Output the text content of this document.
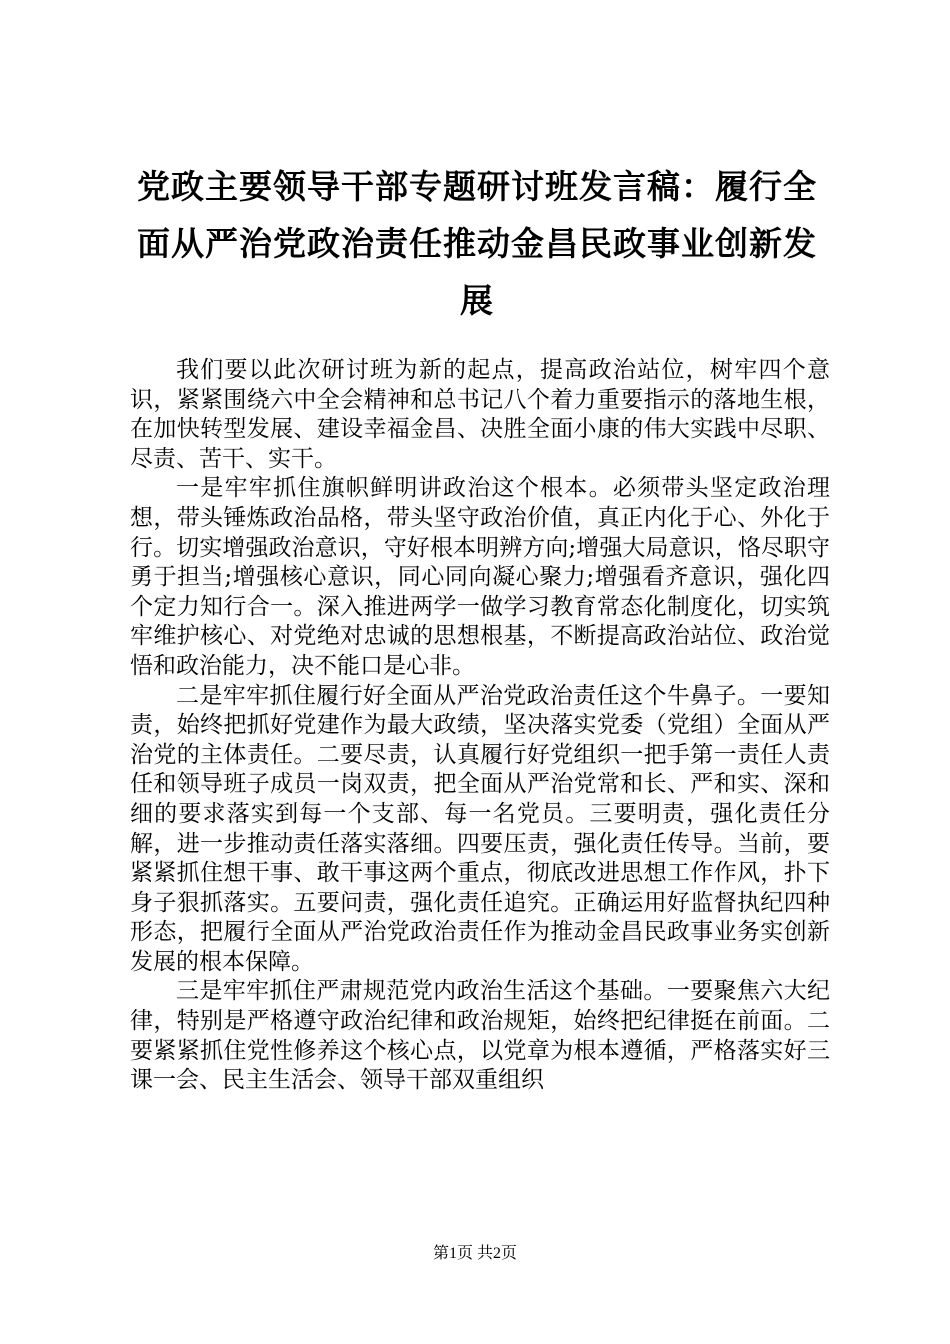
党政主要领导干部专题研讨班发言稿：履行全面从严治党政治责任推动金昌民政事业创新发展

我们要以此次研讨班为新的起点，提高政治站位，树牢四个意识，紧紧围绕六中全会精神和总书记八个着力重要指示的落地生根，在加快转型发展、建设幸福金昌、决胜全面小康的伟大实践中尽职、尽责、苦干、实干。

一是牢牢抓住旗帜鲜明讲政治这个根本。必须带头坚定政治理想，带头锤炼政治品格，带头坚守政治价值，真正内化于心、外化于行。切实增强政治意识，守好根本明辨方向;增强大局意识，恪尽职守勇于担当;增强核心意识，同心同向凝心聚力;增强看齐意识，强化四个定力知行合一。深入推进两学一做学习教育常态化制度化，切实筑牢维护核心、对党绝对忠诚的思想根基，不断提高政治站位、政治觉悟和政治能力，决不能口是心非。

二是牢牢抓住履行好全面从严治党政治责任这个牛鼻子。一要知责，始终把抓好党建作为最大政绩，坚决落实党委（党组）全面从严治党的主体责任。二要尽责，认真履行好党组织一把手第一责任人责任和领导班子成员一岗双责，把全面从严治党常和长、严和实、深和细的要求落实到每一个支部、每一名党员。三要明责，强化责任分解，进一步推动责任落实落细。四要压责，强化责任传导。当前，要紧紧抓住想干事、敢干事这两个重点，彻底改进思想工作作风，扑下身子狠抓落实。五要问责，强化责任追究。正确运用好监督执纪四种形态，把履行全面从严治党政治责任作为推动金昌民政事业务实创新发展的根本保障。

三是牢牢抓住严肃规范党内政治生活这个基础。一要聚焦六大纪律，特别是严格遵守政治纪律和政治规矩，始终把纪律挺在前面。二要紧紧抓住党性修养这个核心点，以党章为根本遵循，严格落实好三课一会、民主生活会、领导干部双重组织

第1页 共2页
